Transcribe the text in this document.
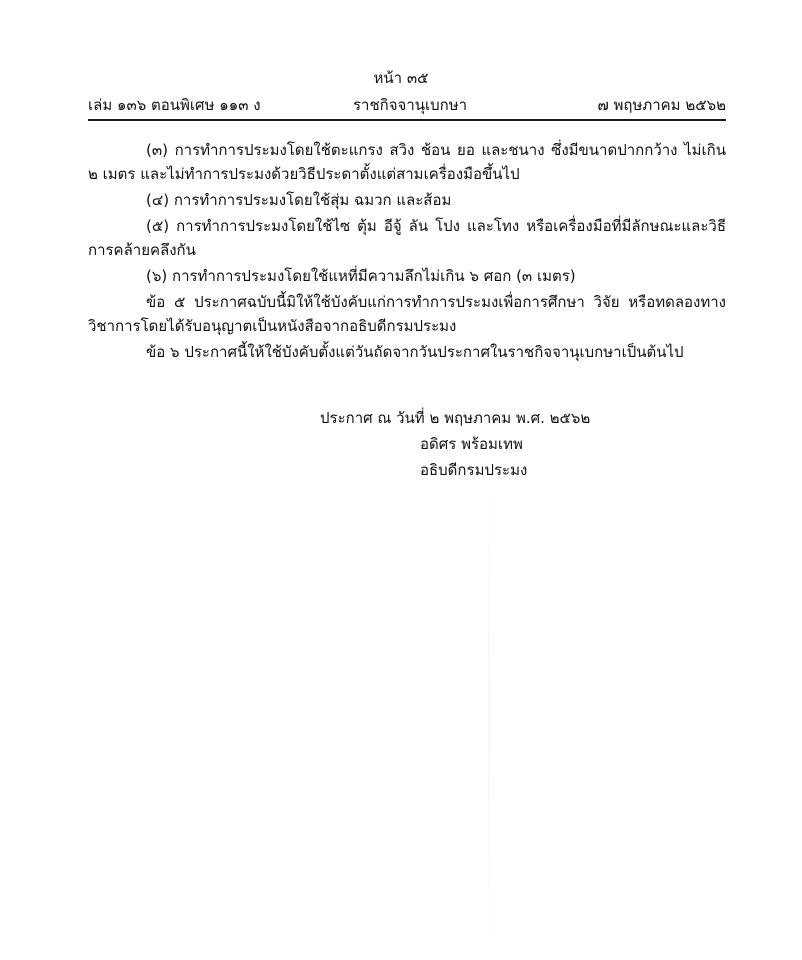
หน้า ๓๕
เล่ม ๑๓๖ ตอนพิเศษ ๑๑๓ ง	ราชกิจจานุเบกษา	๗ พฤษภาคม ๒๕๖๒

(๓) การทำการประมงโดยใช้ตะแกรง สวิง ช้อน ยอ และชนาง ซึ่งมีขนาดปากกว้าง ไม่เกิน ๒ เมตร และไม่ทำการประมงด้วยวิธีประดาตั้งแต่สามเครื่องมือขึ้นไป

(๔) การทำการประมงโดยใช้สุ่ม ฉมวก และส้อม

(๕) การทำการประมงโดยใช้ไซ ตุ้ม อีจู้ ลัน โปง และโทง หรือเครื่องมือที่มีลักษณะและวิธีการคล้ายคลึงกัน

(๖) การทำการประมงโดยใช้แหที่มีความลึกไม่เกิน ๖ ศอก (๓ เมตร)

ข้อ ๕ ประกาศฉบับนี้มิให้ใช้บังคับแก่การทำการประมงเพื่อการศึกษา วิจัย หรือทดลองทางวิชาการโดยได้รับอนุญาตเป็นหนังสือจากอธิบดีกรมประมง

ข้อ ๖ ประกาศนี้ให้ใช้บังคับตั้งแต่วันถัดจากวันประกาศในราชกิจจานุเบกษาเป็นต้นไป

ประกาศ ณ วันที่ ๒ พฤษภาคม พ.ศ. ๒๕๖๒
อดิศร พร้อมเทพ
อธิบดีกรมประมง
